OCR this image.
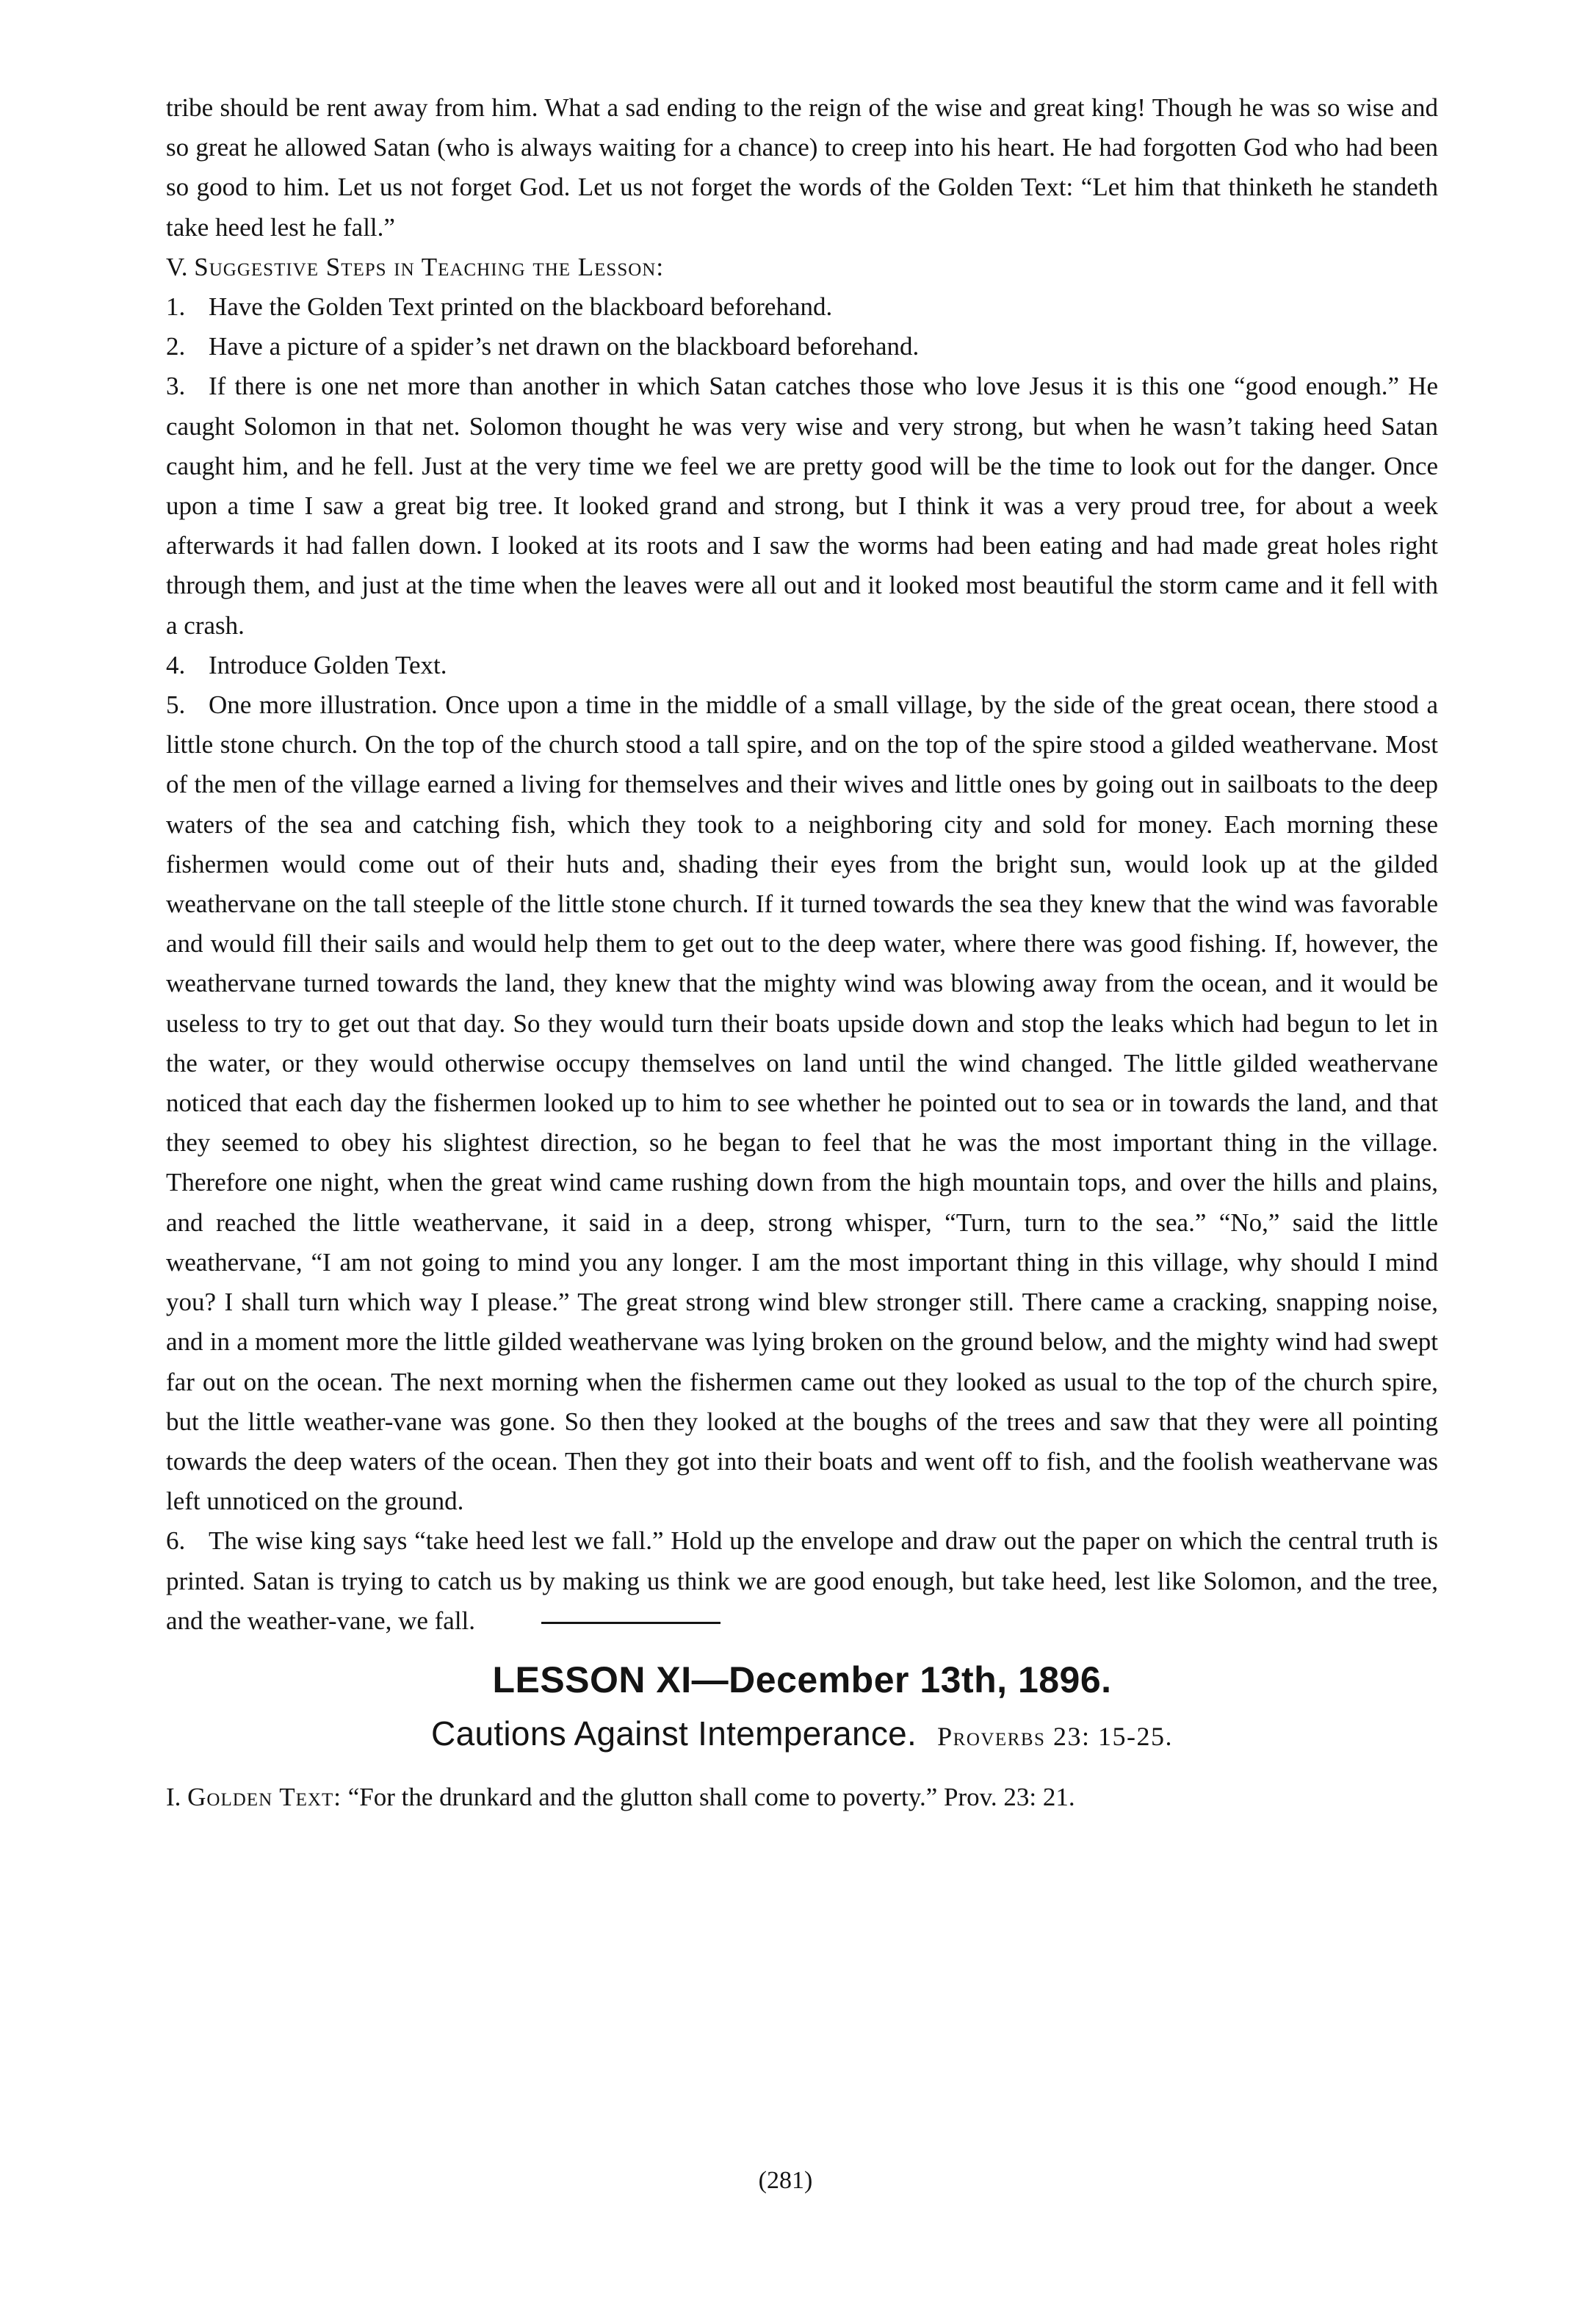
tribe should be rent away from him. What a sad ending to the reign of the wise and great king! Though he was so wise and so great he allowed Satan (who is always waiting for a chance) to creep into his heart. He had forgotten God who had been so good to him. Let us not forget God. Let us not forget the words of the Golden Text: “Let him that thinketh he standeth take heed lest he fall.”

V. Suggestive Steps in Teaching the Lesson:

1. Have the Golden Text printed on the blackboard beforehand.

2. Have a picture of a spider’s net drawn on the blackboard beforehand.

3. If there is one net more than another in which Satan catches those who love Jesus it is this one “good enough.” He caught Solomon in that net. Solomon thought he was very wise and very strong, but when he wasn’t taking heed Satan caught him, and he fell. Just at the very time we feel we are pretty good will be the time to look out for the danger. Once upon a time I saw a great big tree. It looked grand and strong, but I think it was a very proud tree, for about a week afterwards it had fallen down. I looked at its roots and I saw the worms had been eating and had made great holes right through them, and just at the time when the leaves were all out and it looked most beautiful the storm came and it fell with a crash.

4. Introduce Golden Text.

5. One more illustration. Once upon a time in the middle of a small village, by the side of the great ocean, there stood a little stone church. On the top of the church stood a tall spire, and on the top of the spire stood a gilded weathervane. Most of the men of the village earned a living for themselves and their wives and little ones by going out in sailboats to the deep waters of the sea and catching fish, which they took to a neighboring city and sold for money. Each morning these fishermen would come out of their huts and, shading their eyes from the bright sun, would look up at the gilded weathervane on the tall steeple of the little stone church. If it turned towards the sea they knew that the wind was favorable and would fill their sails and would help them to get out to the deep water, where there was good fishing. If, however, the weathervane turned towards the land, they knew that the mighty wind was blowing away from the ocean, and it would be useless to try to get out that day. So they would turn their boats upside down and stop the leaks which had begun to let in the water, or they would otherwise occupy themselves on land until the wind changed. The little gilded weathervane noticed that each day the fishermen looked up to him to see whether he pointed out to sea or in towards the land, and that they seemed to obey his slightest direction, so he began to feel that he was the most important thing in the village. Therefore one night, when the great wind came rushing down from the high mountain tops, and over the hills and plains, and reached the little weathervane, it said in a deep, strong whisper, “Turn, turn to the sea.” “No,” said the little weathervane, “I am not going to mind you any longer. I am the most important thing in this village, why should I mind you? I shall turn which way I please.” The great strong wind blew stronger still. There came a cracking, snapping noise, and in a moment more the little gilded weathervane was lying broken on the ground below, and the mighty wind had swept far out on the ocean. The next morning when the fishermen came out they looked as usual to the top of the church spire, but the little weather-vane was gone. So then they looked at the boughs of the trees and saw that they were all pointing towards the deep waters of the ocean. Then they got into their boats and went off to fish, and the foolish weathervane was left unnoticed on the ground.

6. The wise king says “take heed lest we fall.” Hold up the envelope and draw out the paper on which the central truth is printed. Satan is trying to catch us by making us think we are good enough, but take heed, lest like Solomon, and the tree, and the weather-vane, we fall.

LESSON XI—December 13th, 1896.
Cautions Against Intemperance. Proverbs 23: 15-25.

I. Golden Text: “For the drunkard and the glutton shall come to poverty.” Prov. 23: 21.

(281)
